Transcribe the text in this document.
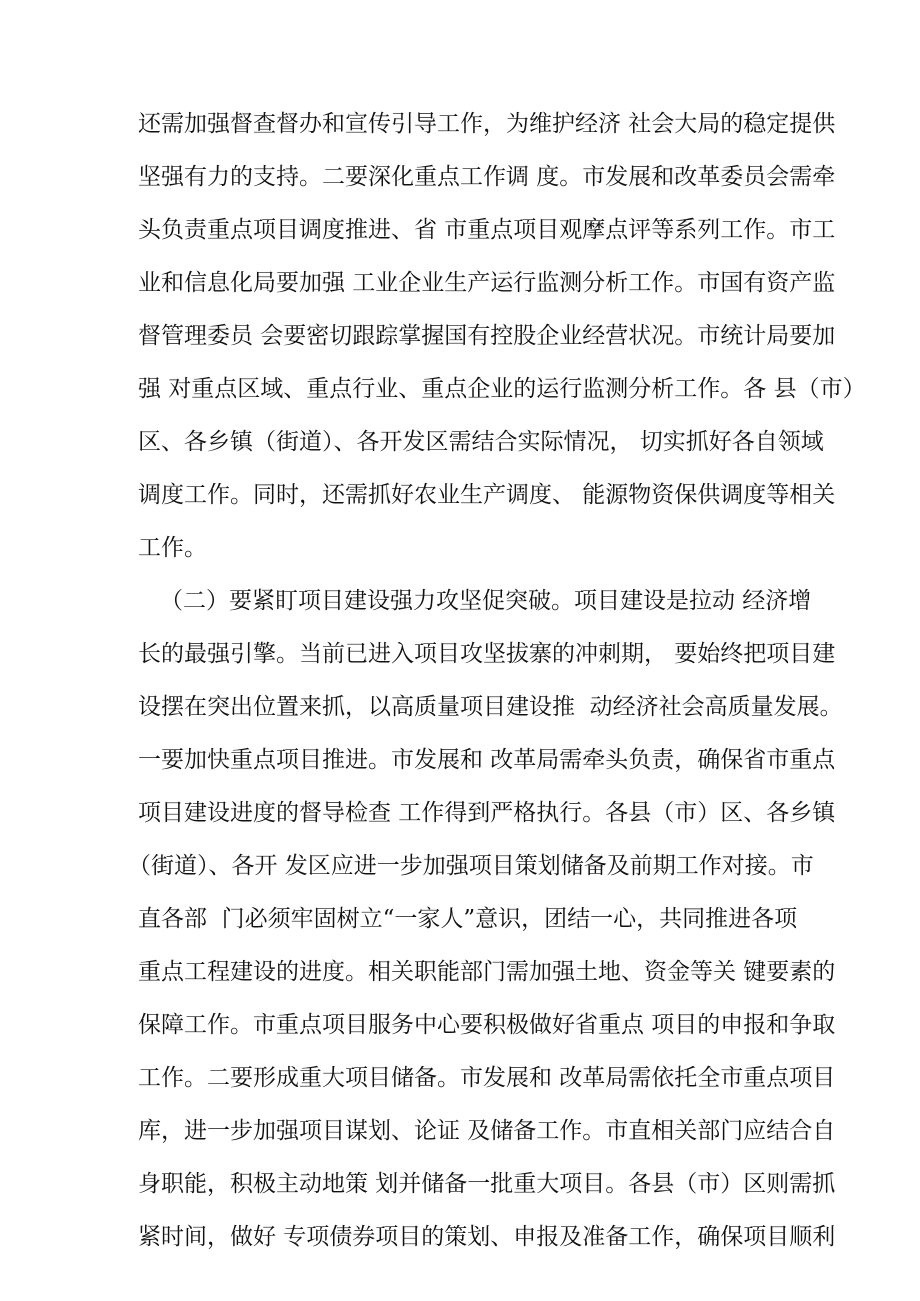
还需加强督查督办和宣传引导工作，为维护经济 社会大局的稳定提供
坚强有力的支持。二要深化重点工作调 度。市发展和改革委员会需牵
头负责重点项目调度推进、省 市重点项目观摩点评等系列工作。市工
业和信息化局要加强 工业企业生产运行监测分析工作。市国有资产监
督管理委员 会要密切跟踪掌握国有控股企业经营状况。市统计局要加
强 对重点区域、重点行业、重点企业的运行监测分析工作。各 县（市）
区、各乡镇（街道）、各开发区需结合实际情况， 切实抓好各自领域
调度工作。同时，还需抓好农业生产调度、 能源物资保供调度等相关
工作。
（二）要紧盯项目建设强力攻坚促突破。项目建设是拉动 经济增
长的最强引擎。当前已进入项目攻坚拔寨的冲刺期， 要始终把项目建
设摆在突出位置来抓，以高质量项目建设推  动经济社会高质量发展。
一要加快重点项目推进。市发展和 改革局需牵头负责，确保省市重点
项目建设进度的督导检查 工作得到严格执行。各县（市）区、各乡镇
（街道）、各开 发区应进一步加强项目策划储备及前期工作对接。市
直各部  门必须牢固树立“一家人”意识，团结一心，共同推进各项
重点工程建设的进度。相关职能部门需加强土地、资金等关 键要素的
保障工作。市重点项目服务中心要积极做好省重点 项目的申报和争取
工作。二要形成重大项目储备。市发展和 改革局需依托全市重点项目
库，进一步加强项目谋划、论证 及储备工作。市直相关部门应结合自
身职能，积极主动地策 划并储备一批重大项目。各县（市）区则需抓
紧时间，做好 专项债券项目的策划、申报及准备工作，确保项目顺利
